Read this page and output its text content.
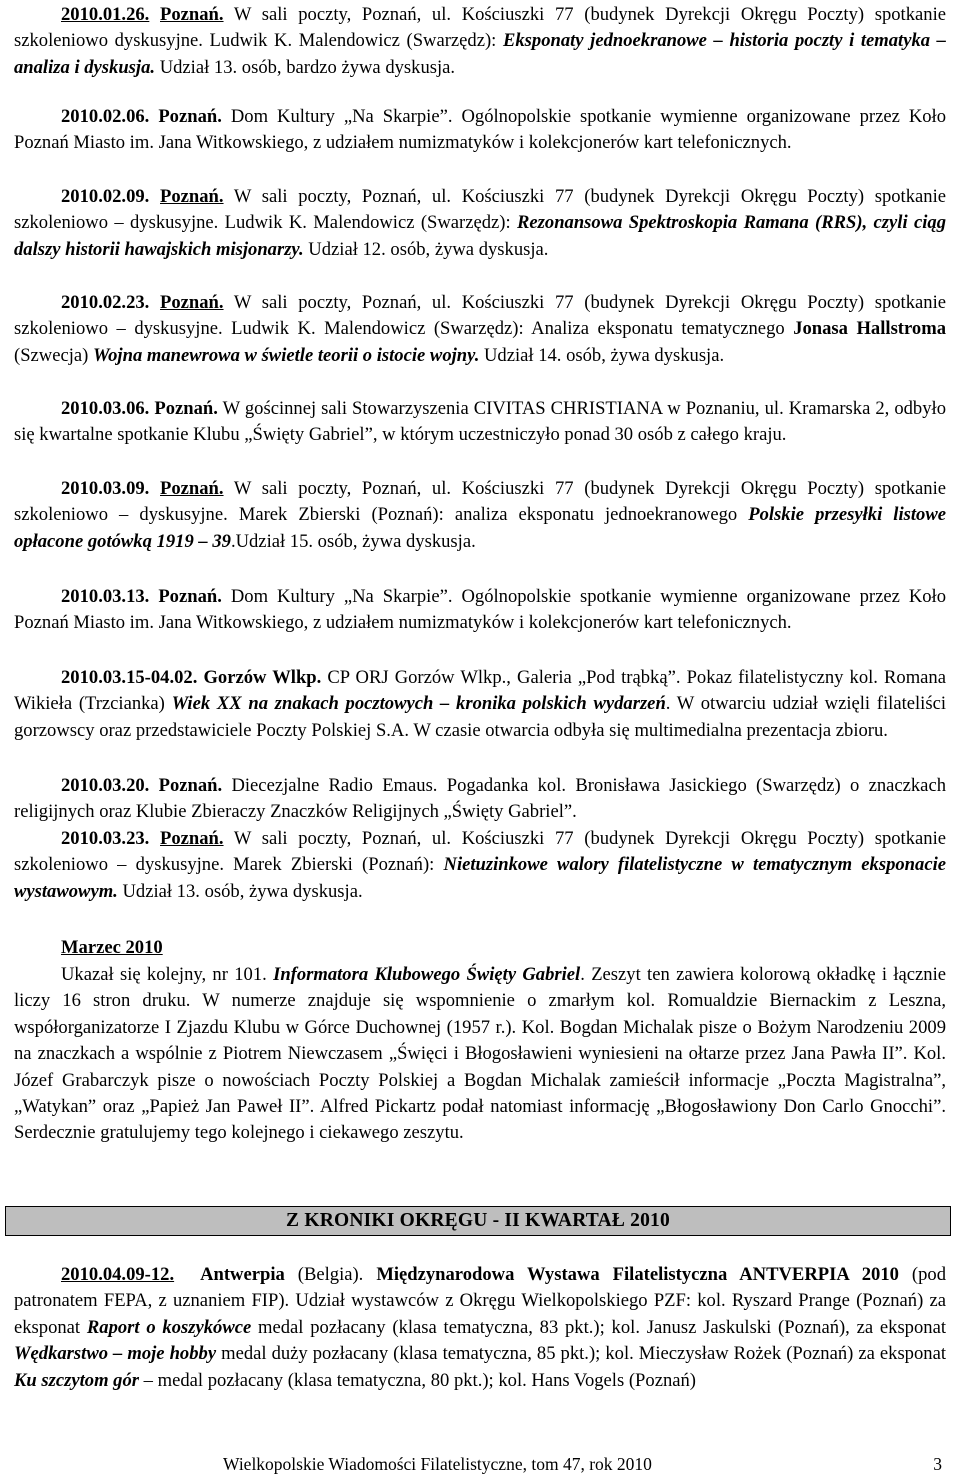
2010.01.26. Poznań. W sali poczty, Poznań, ul. Kościuszki 77 (budynek Dyrekcji Okręgu Poczty) spotkanie szkoleniowo dyskusyjne. Ludwik K. Malendowicz (Swarzędz): Eksponaty jednoekranowe – historia poczty i tematyka – analiza i dyskusja. Udział 13. osób, bardzo żywa dyskusja.

2010.02.06. Poznań. Dom Kultury „Na Skarpie”. Ogólnopolskie spotkanie wymienne organizowane przez Koło Poznań Miasto im. Jana Witkowskiego, z udziałem numizmatyków i kolekcjonerów kart telefonicznych.

2010.02.09. Poznań. W sali poczty, Poznań, ul. Kościuszki 77 (budynek Dyrekcji Okręgu Poczty) spotkanie szkoleniowo – dyskusyjne. Ludwik K. Malendowicz (Swarzędz): Rezonansowa Spektroskopia Ramana (RRS), czyli ciąg dalszy historii hawajskich misjonarzy. Udział 12. osób, żywa dyskusja.

2010.02.23. Poznań. W sali poczty, Poznań, ul. Kościuszki 77 (budynek Dyrekcji Okręgu Poczty) spotkanie szkoleniowo – dyskusyjne. Ludwik K. Malendowicz (Swarzędz): Analiza eksponatu tematycznego Jonasa Hallstroma (Szwecja) Wojna manewrowa w świetle teorii o istocie wojny. Udział 14. osób, żywa dyskusja.

2010.03.06. Poznań. W gościnnej sali Stowarzyszenia CIVITAS CHRISTIANA w Poznaniu, ul. Kramarska 2, odbyło się kwartalne spotkanie Klubu „Święty Gabriel”, w którym uczestniczyło ponad 30 osób z całego kraju.

2010.03.09. Poznań. W sali poczty, Poznań, ul. Kościuszki 77 (budynek Dyrekcji Okręgu Poczty) spotkanie szkoleniowo – dyskusyjne. Marek Zbierski (Poznań): analiza eksponatu jednoekranowego Polskie przesyłki listowe opłacone gotówką 1919 – 39.Udział 15. osób, żywa dyskusja.

2010.03.13. Poznań. Dom Kultury „Na Skarpie”. Ogólnopolskie spotkanie wymienne organizowane przez Koło Poznań Miasto im. Jana Witkowskiego, z udziałem numizmatyków i kolekcjonerów kart telefonicznych.

2010.03.15-04.02. Gorzów Wlkp. CP ORJ Gorzów Wlkp., Galeria „Pod trąbką”. Pokaz filatelistyczny kol. Romana Wikieła (Trzcianka) Wiek XX na znakach pocztowych – kronika polskich wydarzeń. W otwarciu udział wzięli filateliści gorzowscy oraz przedstawiciele Poczty Polskiej S.A. W czasie otwarcia odbyła się multimedialna prezentacja zbioru.

2010.03.20. Poznań. Diecezjalne Radio Emaus. Pogadanka kol. Bronisława Jasickiego (Swarzędz) o znaczkach religijnych oraz Klubie Zbieraczy Znaczków Religijnych „Święty Gabriel”.

2010.03.23. Poznań. W sali poczty, Poznań, ul. Kościuszki 77 (budynek Dyrekcji Okręgu Poczty) spotkanie szkoleniowo – dyskusyjne. Marek Zbierski (Poznań): Nietuzinkowe walory filatelistyczne w tematycznym eksponacie wystawowym. Udział 13. osób, żywa dyskusja.

Marzec 2010

Ukazał się kolejny, nr 101. Informatora Klubowego Święty Gabriel. Zeszyt ten zawiera kolorową okładkę i łącznie liczy 16 stron druku. W numerze znajduje się wspomnienie o zmarłym kol. Romualdzie Biernackim z Leszna, współorganizatorze I Zjazdu Klubu w Górce Duchownej (1957 r.). Kol. Bogdan Michalak pisze o Bożym Narodzeniu 2009 na znaczkach a wspólnie z Piotrem Niewczasem „Święci i Błogosławieni wyniesieni na ołtarze przez Jana Pawła II”. Kol. Józef Grabarczyk pisze o nowościach Poczty Polskiej a Bogdan Michalak zamieścił informacje „Poczta Magistralna”, „Watykan” oraz „Papież Jan Paweł II”. Alfred Pickartz podał natomiast informację „Błogosławiony Don Carlo Gnocchi”. Serdecznie gratulujemy tego kolejnego i ciekawego zeszytu.

Z KRONIKI OKRĘGU - II KWARTAŁ 2010

2010.04.09-12. Antwerpia (Belgia). Międzynarodowa Wystawa Filatelistyczna ANTVERPIA 2010 (pod patronatem FEPA, z uznaniem FIP). Udział wystawców z Okręgu Wielkopolskiego PZF: kol. Ryszard Prange (Poznań) za eksponat Raport o koszykówce medal pozłacany (klasa tematyczna, 83 pkt.); kol. Janusz Jaskulski (Poznań), za eksponat Wędkarstwo – moje hobby medal duży pozłacany (klasa tematyczna, 85 pkt.); kol. Mieczysław Rożek (Poznań) za eksponat Ku szczytom gór – medal pozłacany (klasa tematyczna, 80 pkt.); kol. Hans Vogels (Poznań)

Wielkopolskie Wiadomości Filatelistyczne, tom 47, rok 2010	3
